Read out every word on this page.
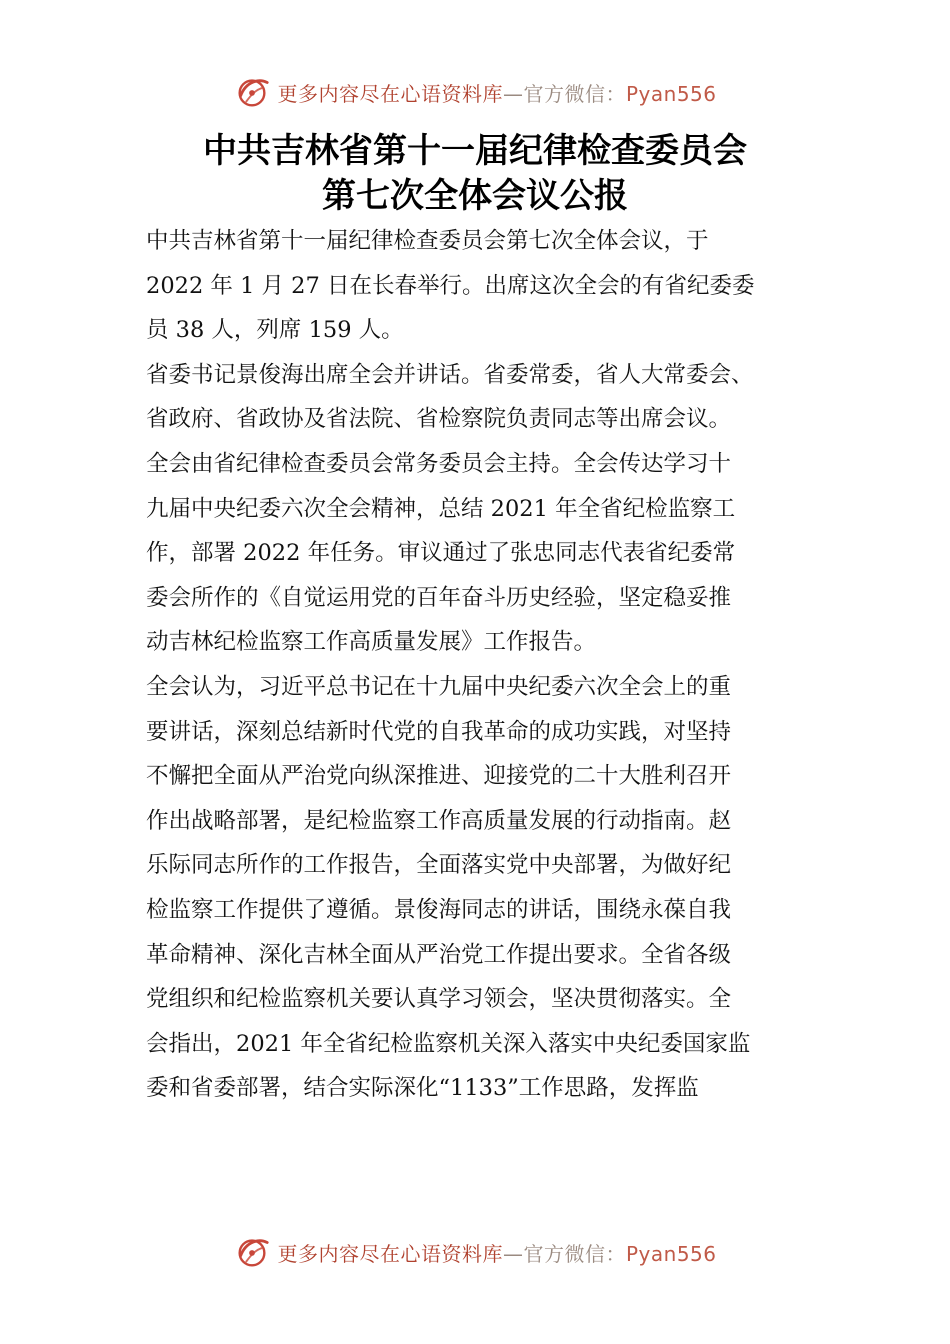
更多内容尽在心语资料库—官方微信：Pyan556
中共吉林省第十一届纪律检查委员会
第七次全体会议公报

中共吉林省第十一届纪律检查委员会第七次全体会议，于

2022 年 1 月 27 日在长春举行。出席这次全会的有省纪委委

员 38 人，列席 159 人。

省委书记景俊海出席全会并讲话。省委常委，省人大常委会、

省政府、省政协及省法院、省检察院负责同志等出席会议。

全会由省纪律检查委员会常务委员会主持。全会传达学习十

九届中央纪委六次全会精神，总结 2021 年全省纪检监察工

作，部署 2022 年任务。审议通过了张忠同志代表省纪委常

委会所作的《自觉运用党的百年奋斗历史经验，坚定稳妥推

动吉林纪检监察工作高质量发展》工作报告。

全会认为，习近平总书记在十九届中央纪委六次全会上的重

要讲话，深刻总结新时代党的自我革命的成功实践，对坚持

不懈把全面从严治党向纵深推进、迎接党的二十大胜利召开

作出战略部署，是纪检监察工作高质量发展的行动指南。赵

乐际同志所作的工作报告，全面落实党中央部署，为做好纪

检监察工作提供了遵循。景俊海同志的讲话，围绕永葆自我

革命精神、深化吉林全面从严治党工作提出要求。全省各级

党组织和纪检监察机关要认真学习领会，坚决贯彻落实。全

会指出，2021 年全省纪检监察机关深入落实中央纪委国家监

委和省委部署，结合实际深化“1133”工作思路，发挥监

更多内容尽在心语资料库—官方微信：Pyan556
